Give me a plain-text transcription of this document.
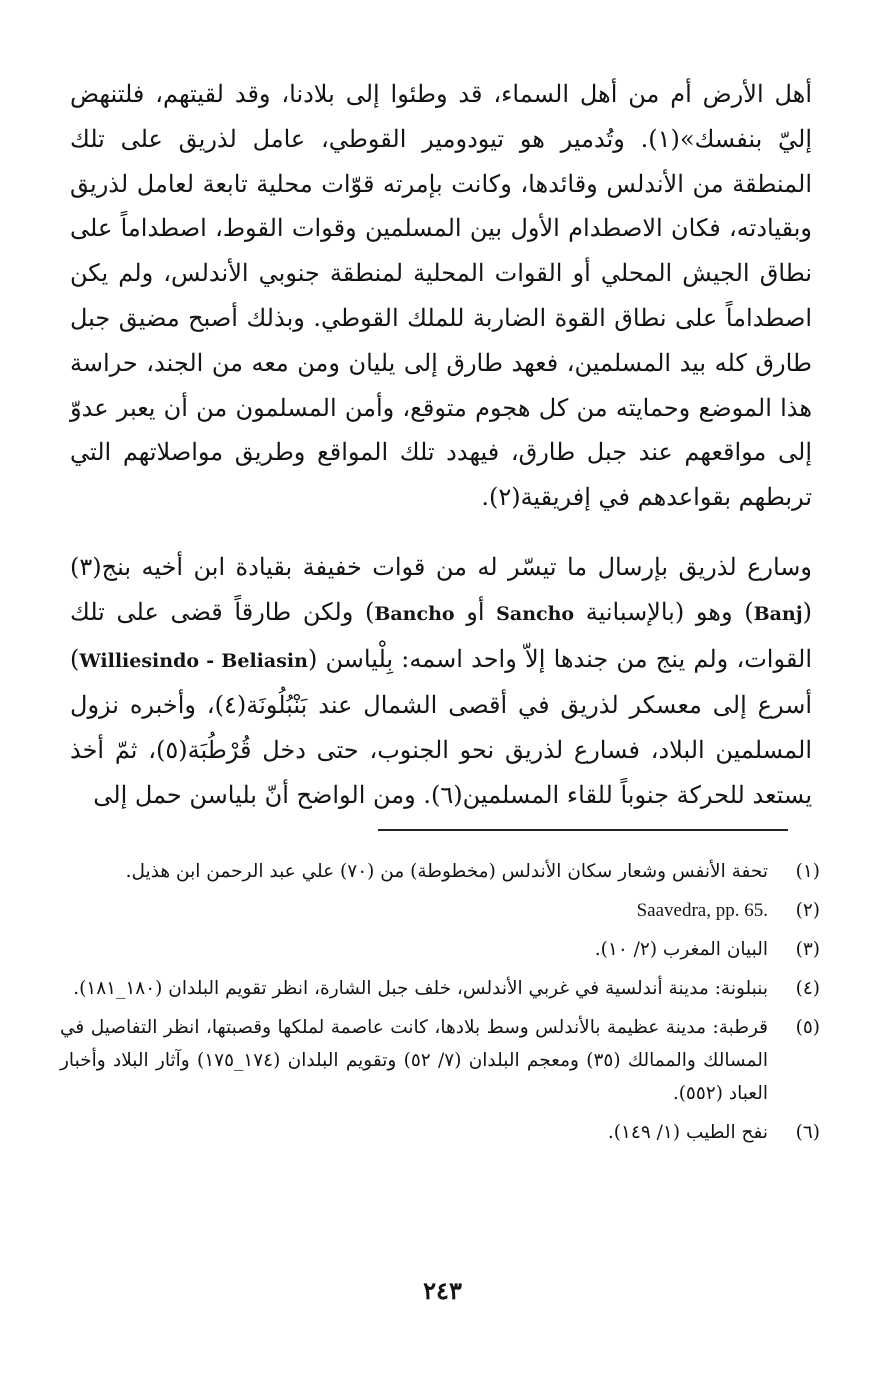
أهل الأرض أم من أهل السماء، قد وطئوا إلى بلادنا، وقد لقيتهم، فلتنهض إليّ بنفسك»(١). وتُدمير هو تيودومير القوطي، عامل لذريق على تلك المنطقة من الأندلس وقائدها، وكانت بإمرته قوّات محلية تابعة لعامل لذريق وبقيادته، فكان الاصطدام الأول بين المسلمين وقوات القوط، اصطداماً على نطاق الجيش المحلي أو القوات المحلية لمنطقة جنوبي الأندلس، ولم يكن اصطداماً على نطاق القوة الضاربة للملك القوطي. وبذلك أصبح مضيق جبل طارق كله بيد المسلمين، فعهد طارق إلى يليان ومن معه من الجند، حراسة هذا الموضع وحمايته من كل هجوم متوقع، وأمن المسلمون من أن يعبر عدوّ إلى مواقعهم عند جبل طارق، فيهدد تلك المواقع وطريق مواصلاتهم التي تربطهم بقواعدهم في إفريقية(٢).

وسارع لذريق بإرسال ما تيسّر له من قوات خفيفة بقيادة ابن أخيه بنج(٣) (Banj) وهو (بالإسبانية Sancho أو Bancho) ولكن طارقاً قضى على تلك القوات، ولم ينج من جندها إلاّ واحد اسمه: بِلْياسن (Williesindo - Beliasin) أسرع إلى معسكر لذريق في أقصى الشمال عند بَنْبُلُونَة(٤)، وأخبره نزول المسلمين البلاد، فسارع لذريق نحو الجنوب، حتى دخل قُرْطُبَة(٥)، ثمّ أخذ يستعد للحركة جنوباً للقاء المسلمين(٦). ومن الواضح أنّ بلياسن حمل إلى

(١)
تحفة الأنفس وشعار سكان الأندلس (مخطوطة) من (٧٠) علي عبد الرحمن ابن هذيل.
(٢)
Saavedra, pp. 65.
(٣)
البيان المغرب (٢/ ١٠).
(٤)
بنبلونة: مدينة أندلسية في غربي الأندلس، خلف جبل الشارة، انظر تقويم البلدان (١٨٠_١٨١).
(٥)
قرطبة: مدينة عظيمة بالأندلس وسط بلادها، كانت عاصمة لملكها وقصبتها، انظر التفاصيل في المسالك والممالك (٣٥) ومعجم البلدان (٧/ ٥٢) وتقويم البلدان (١٧٤_١٧٥) وآثار البلاد وأخبار العباد (٥٥٢).
(٦)
نفح الطيب (١/ ١٤٩).
٢٤٣
